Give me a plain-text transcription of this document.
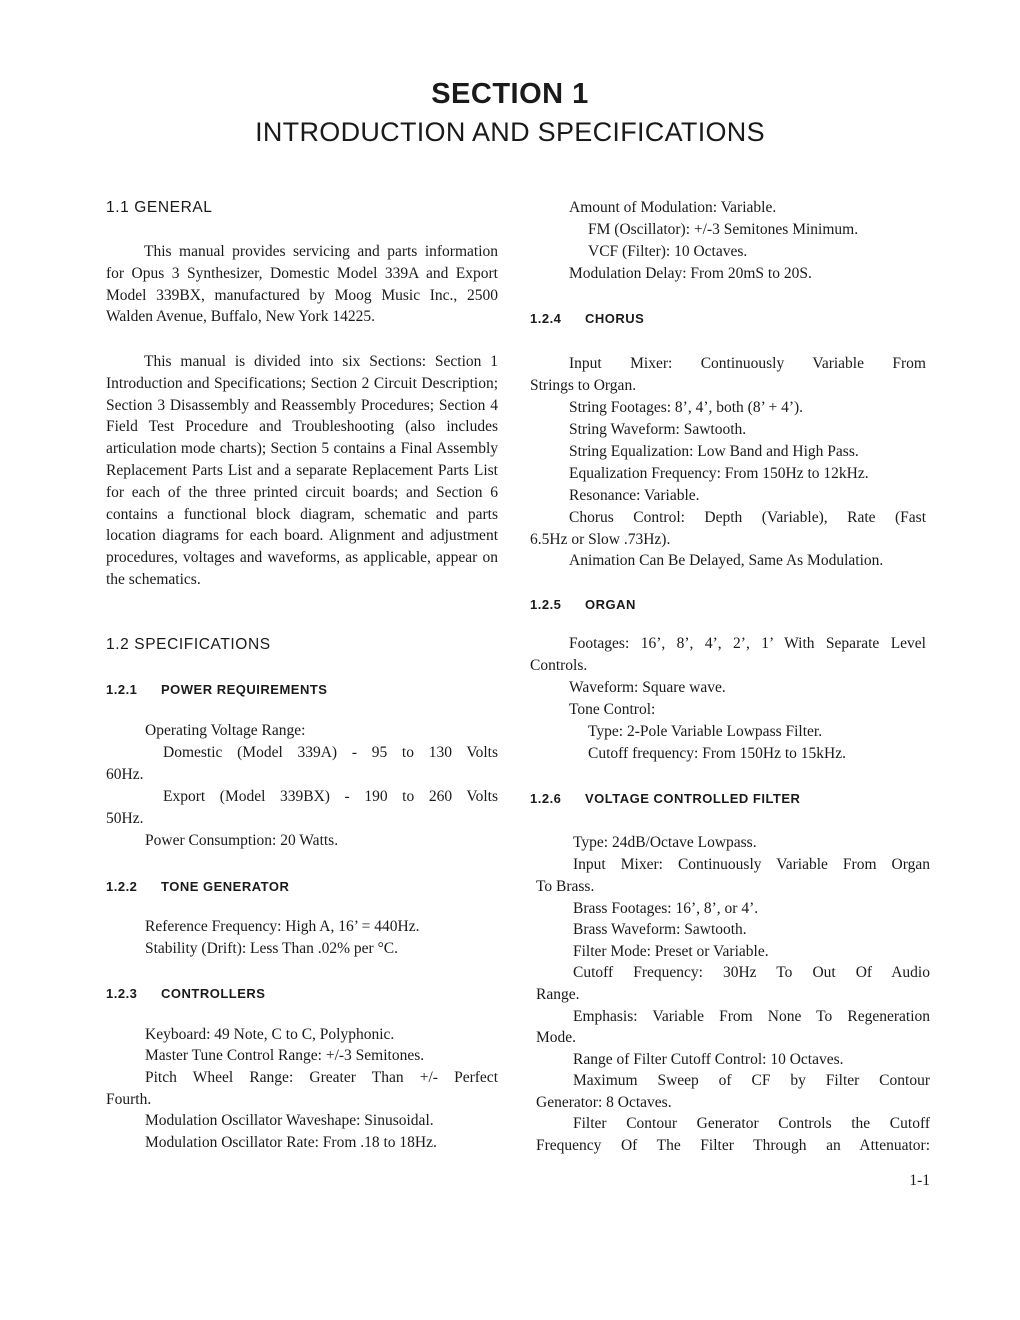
SECTION 1
INTRODUCTION AND SPECIFICATIONS
1.1 GENERAL
This manual provides servicing and parts information for Opus 3 Synthesizer, Domestic Model 339A and Export Model 339BX, manufactured by Moog Music Inc., 2500 Walden Avenue, Buffalo, New York 14225.
This manual is divided into six Sections: Section 1 Introduction and Specifications; Section 2 Circuit Description; Section 3 Disassembly and Reassembly Procedures; Section 4 Field Test Procedure and Troubleshooting (also includes articulation mode charts); Section 5 contains a Final Assembly Replacement Parts List and a separate Replacement Parts List for each of the three printed circuit boards; and Section 6 contains a functional block diagram, schematic and parts location diagrams for each board. Alignment and adjustment procedures, voltages and waveforms, as applicable, appear on the schematics.
1.2 SPECIFICATIONS
1.2.1 POWER REQUIREMENTS
Operating Voltage Range:
Domestic (Model 339A) - 95 to 130 Volts
60Hz.
Export (Model 339BX) - 190 to 260 Volts
50Hz.
Power Consumption: 20 Watts.
1.2.2 TONE GENERATOR
Reference Frequency: High A, 16’ = 440Hz.
Stability (Drift): Less Than .02% per °C.
1.2.3 CONTROLLERS
Keyboard: 49 Note, C to C, Polyphonic.
Master Tune Control Range: +/-3 Semitones.
Pitch Wheel Range: Greater Than +/- Perfect
Fourth.
Modulation Oscillator Waveshape: Sinusoidal.
Modulation Oscillator Rate: From .18 to 18Hz.
Amount of Modulation: Variable.
FM (Oscillator): +/-3 Semitones Minimum.
VCF (Filter): 10 Octaves.
Modulation Delay: From 20mS to 20S.
1.2.4 CHORUS
Input Mixer: Continuously Variable From
Strings to Organ.
String Footages: 8’, 4’, both (8’ + 4’).
String Waveform: Sawtooth.
String Equalization: Low Band and High Pass.
Equalization Frequency: From 150Hz to 12kHz.
Resonance: Variable.
Chorus Control: Depth (Variable), Rate (Fast
6.5Hz or Slow .73Hz).
Animation Can Be Delayed, Same As Modulation.
1.2.5 ORGAN
Footages: 16’, 8’, 4’, 2’, 1’ With Separate Level
Controls.
Waveform: Square wave.
Tone Control:
Type: 2-Pole Variable Lowpass Filter.
Cutoff frequency: From 150Hz to 15kHz.
1.2.6 VOLTAGE CONTROLLED FILTER
Type: 24dB/Octave Lowpass.
Input Mixer: Continuously Variable From Organ
To Brass.
Brass Footages: 16’, 8’, or 4’.
Brass Waveform: Sawtooth.
Filter Mode: Preset or Variable.
Cutoff Frequency: 30Hz To Out Of Audio
Range.
Emphasis: Variable From None To Regeneration
Mode.
Range of Filter Cutoff Control: 10 Octaves.
Maximum Sweep of CF by Filter Contour
Generator: 8 Octaves.
Filter Contour Generator Controls the Cutoff
Frequency Of The Filter Through an Attenuator:
1-1
